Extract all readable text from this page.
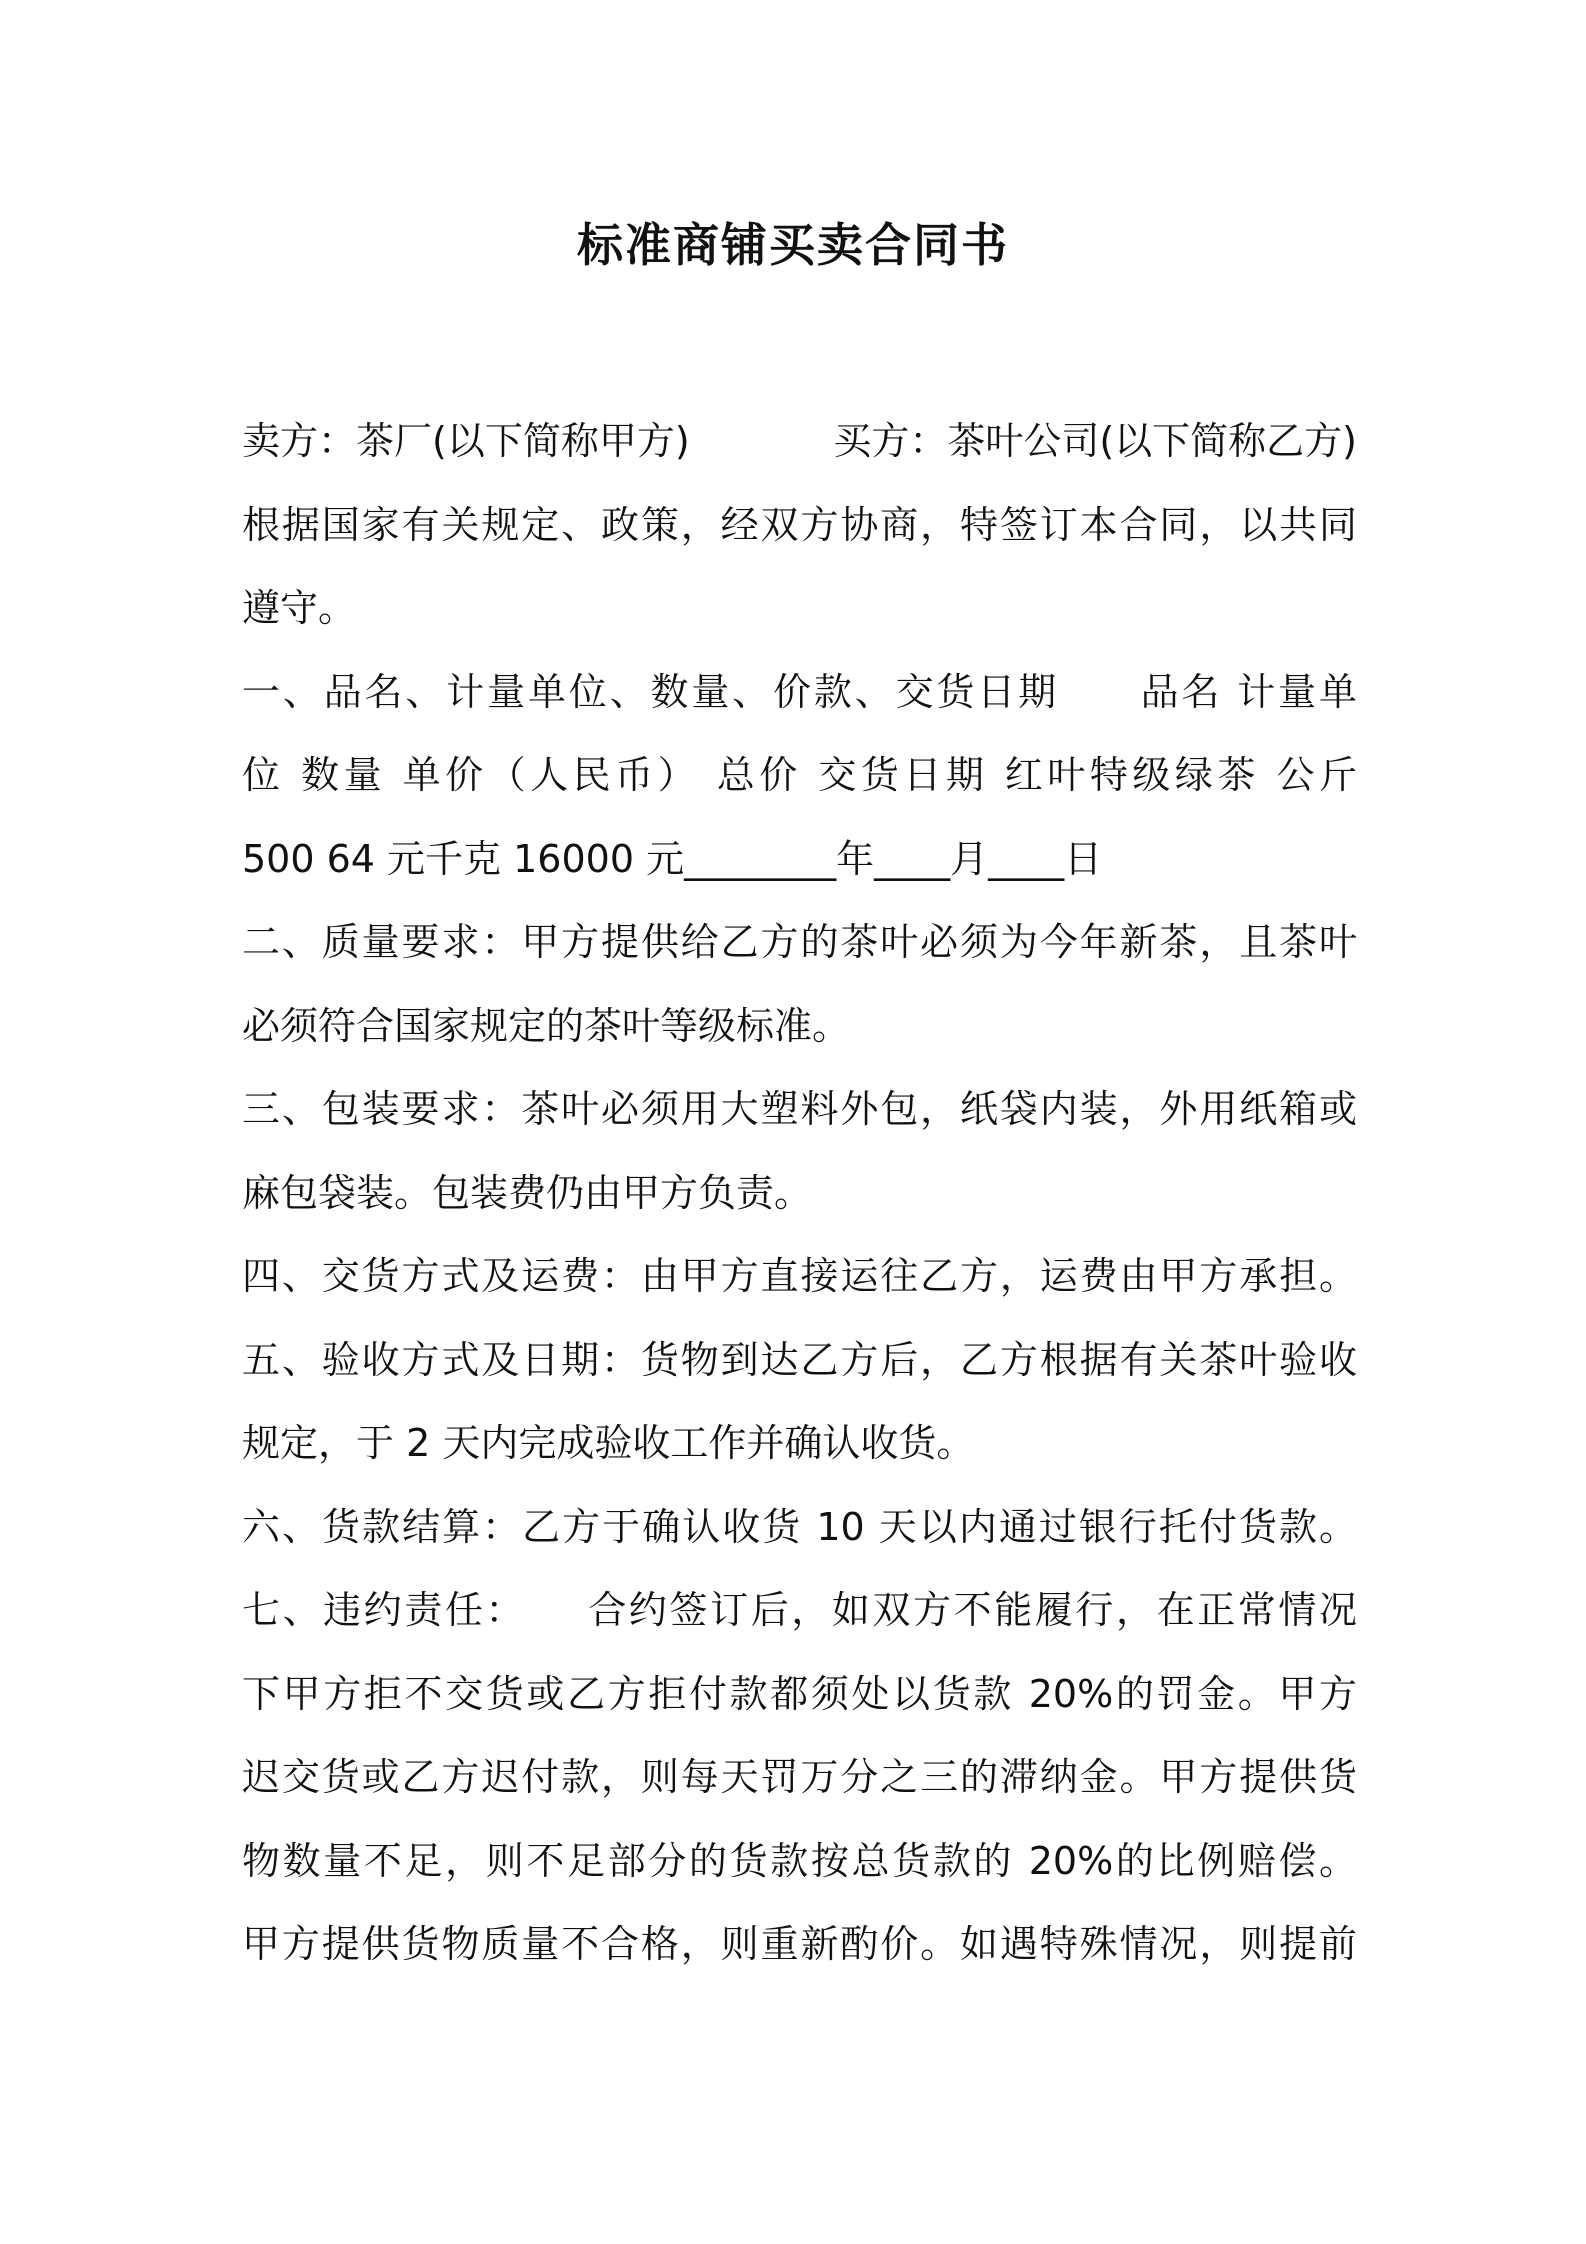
标准商铺买卖合同书
卖方：茶厂(以下简称甲方)	买方：茶叶公司(以下简称乙方)
根据国家有关规定、政策，经双方协商，特签订本合同，以共同
遵守。
一、品名、计量单位、数量、价款、交货日期　　品名 计量单
位 数量 单价（人民币） 总价 交货日期 红叶特级绿茶 公斤
500 64 元千克 16000 元________年____月____日
二、质量要求：甲方提供给乙方的茶叶必须为今年新茶，且茶叶
必须符合国家规定的茶叶等级标准。
三、包装要求：茶叶必须用大塑料外包，纸袋内装，外用纸箱或
麻包袋装。包装费仍由甲方负责。
四、交货方式及运费：由甲方直接运往乙方，运费由甲方承担。
五、验收方式及日期：货物到达乙方后，乙方根据有关茶叶验收
规定，于 2 天内完成验收工作并确认收货。
六、货款结算：乙方于确认收货 10 天以内通过银行托付货款。
七、违约责任：　　合约签订后，如双方不能履行，在正常情况
下甲方拒不交货或乙方拒付款都须处以货款 20%的罚金。甲方
迟交货或乙方迟付款，则每天罚万分之三的滞纳金。甲方提供货
物数量不足，则不足部分的货款按总货款的 20%的比例赔偿。
甲方提供货物质量不合格，则重新酌价。如遇特殊情况，则提前
